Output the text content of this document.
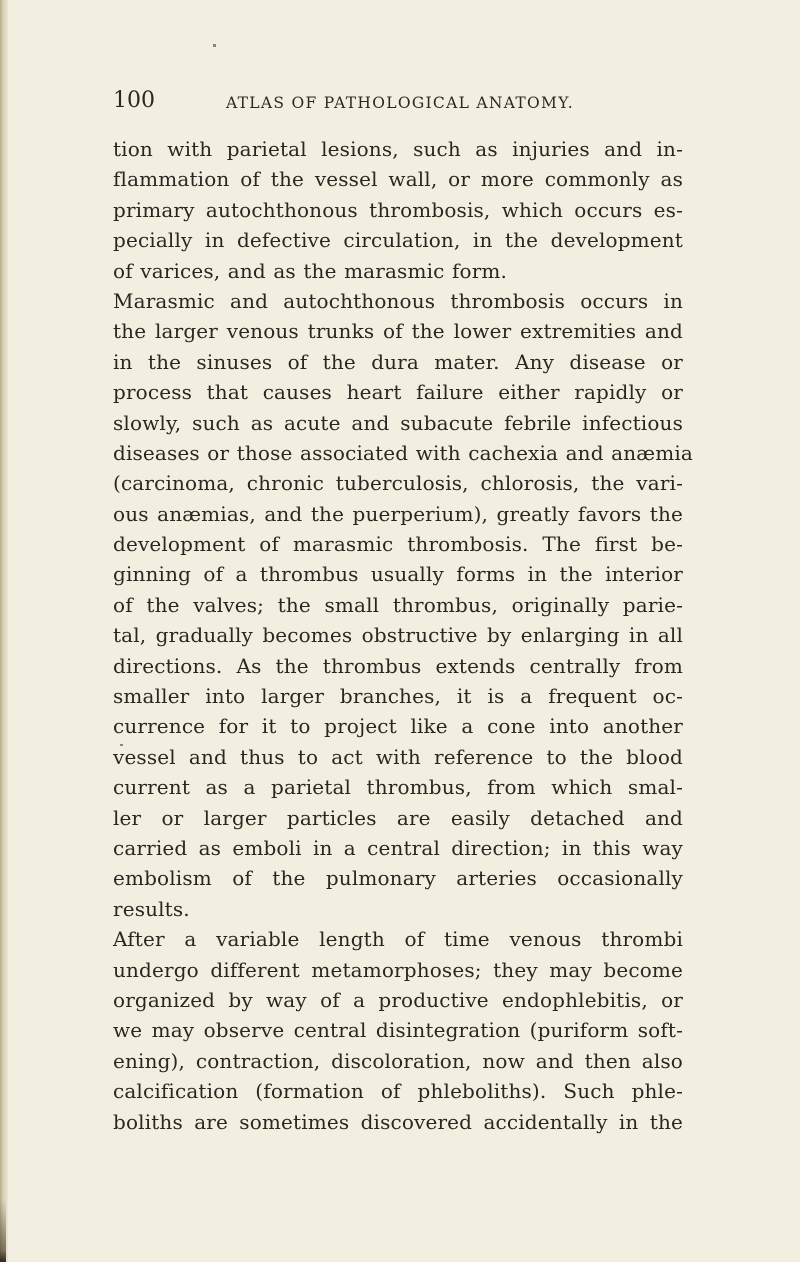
100	ATLAS OF PATHOLOGICAL ANATOMY.
tion with parietal lesions, such as injuries and in-
flammation of the vessel wall, or more commonly as
primary autochthonous thrombosis, which occurs es-
pecially in defective circulation, in the development
of varices, and as the marasmic form.
Marasmic and autochthonous thrombosis occurs in
the larger venous trunks of the lower extremities and
in the sinuses of the dura mater. Any disease or
process that causes heart failure either rapidly or
slowly, such as acute and subacute febrile infectious
diseases or those associated with cachexia and anæmia
(carcinoma, chronic tuberculosis, chlorosis, the vari-
ous anæmias, and the puerperium), greatly favors the
development of marasmic thrombosis. The first be-
ginning of a thrombus usually forms in the interior
of the valves; the small thrombus, originally parie-
tal, gradually becomes obstructive by enlarging in all
directions. As the thrombus extends centrally from
smaller into larger branches, it is a frequent oc-
currence for it to project like a cone into another
vessel and thus to act with reference to the blood
current as a parietal thrombus, from which smal-
ler or larger particles are easily detached and
carried as emboli in a central direction; in this way
embolism of the pulmonary arteries occasionally
results.
After a variable length of time venous thrombi
undergo different metamorphoses; they may become
organized by way of a productive endophlebitis, or
we may observe central disintegration (puriform soft-
ening), contraction, discoloration, now and then also
calcification (formation of phleboliths). Such phle-
boliths are sometimes discovered accidentally in the
